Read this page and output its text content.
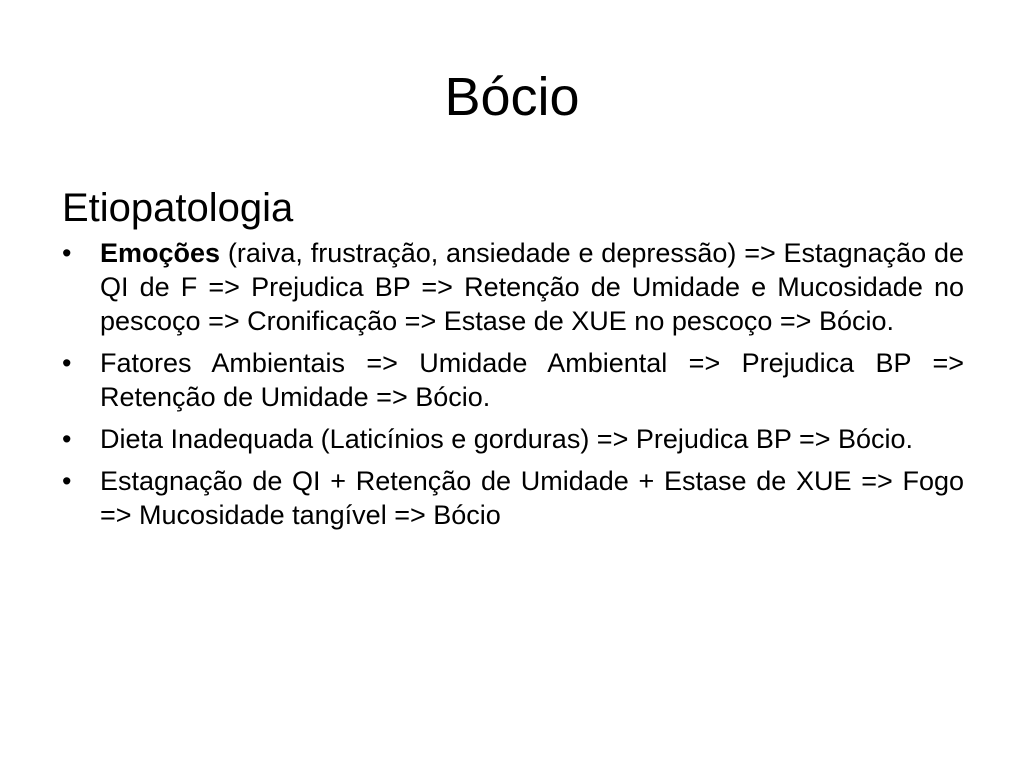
Bócio
Etiopatologia
•	Emoções (raiva, frustração, ansiedade e depressão) => Estagnação de QI de F => Prejudica BP => Retenção de Umidade e Mucosidade no pescoço => Cronificação => Estase de XUE no pescoço => Bócio.
•	Fatores Ambientais => Umidade Ambiental => Prejudica BP => Retenção de Umidade => Bócio.
•	Dieta Inadequada (Laticínios e gorduras) => Prejudica BP => Bócio.
•	Estagnação de QI + Retenção de Umidade + Estase de XUE => Fogo => Mucosidade tangível => Bócio
